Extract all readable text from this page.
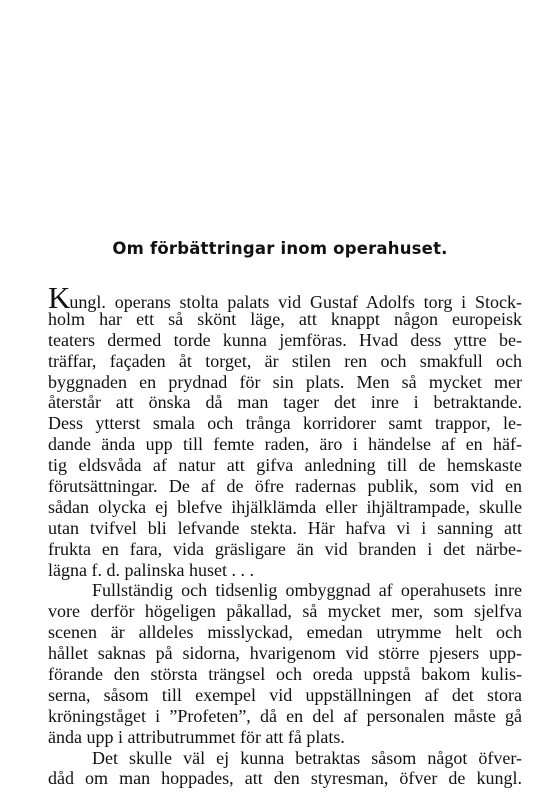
Om förbättringar inom operahuset.
Kungl. operans stolta palats vid Gustaf Adolfs torg i Stock-
holm har ett så skönt läge, att knappt någon europeisk
teaters dermed torde kunna jemföras. Hvad dess yttre be-
träffar, façaden åt torget, är stilen ren och smakfull och
byggnaden en prydnad för sin plats. Men så mycket mer
återstår att önska då man tager det inre i betraktande.
Dess ytterst smala och trånga korridorer samt trappor, le-
dande ända upp till femte raden, äro i händelse af en häf-
tig eldsvåda af natur att gifva anledning till de hemskaste
förutsättningar. De af de öfre radernas publik, som vid en
sådan olycka ej blefve ihjälklämda eller ihjältrampade, skulle
utan tvifvel bli lefvande stekta. Här hafva vi i sanning att
frukta en fara, vida gräsligare än vid branden i det närbe-
lägna f. d. palinska huset . . .
Fullständig och tidsenlig ombyggnad af operahusets inre
vore derför högeligen påkallad, så mycket mer, som sjelfva
scenen är alldeles misslyckad, emedan utrymme helt och
hållet saknas på sidorna, hvarigenom vid större pjesers upp-
förande den största trängsel och oreda uppstå bakom kulis-
serna, såsom till exempel vid uppställningen af det stora
kröningståget i ”Profeten”, då en del af personalen måste gå
ända upp i attributrummet för att få plats.
Det skulle väl ej kunna betraktas såsom något öfver-
dåd om man hoppades, att den styresman, öfver de kungl.
